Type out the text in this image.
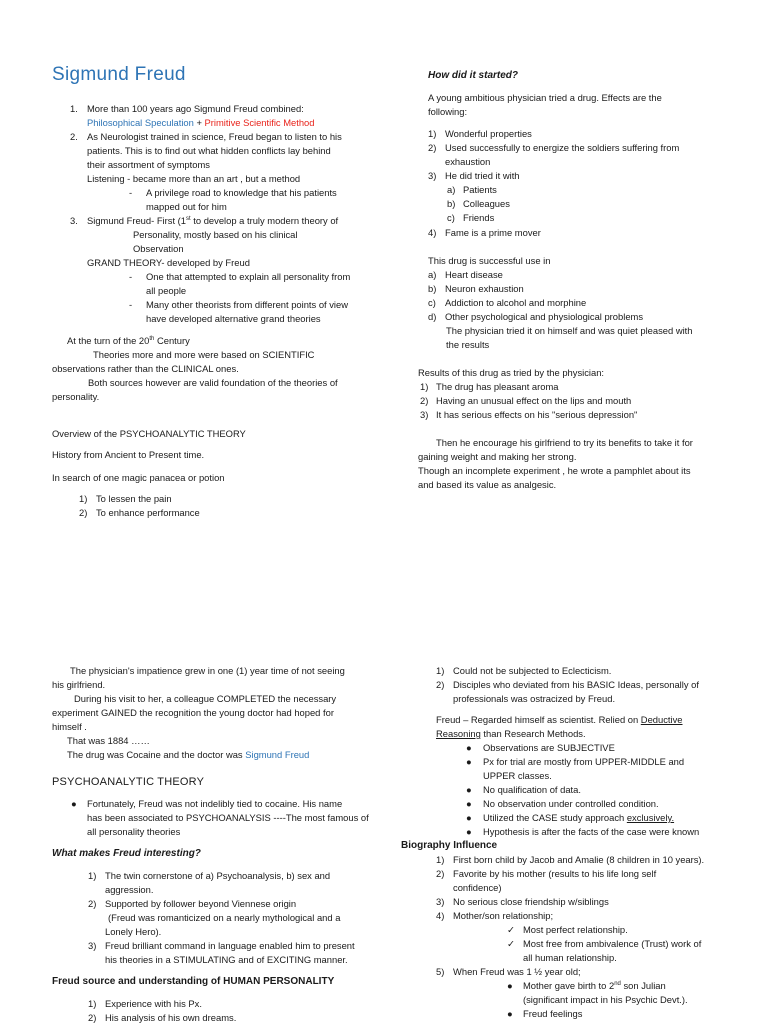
Sigmund Freud
1. More than 100 years ago Sigmund Freud combined:
Philosophical Speculation + Primitive Scientific Method
2. As Neurologist trained in science, Freud began to listen to his
patients. This is to find out what hidden conflicts lay behind
their assortment of symptoms
Listening - became more than an art , but a method
- A privilege road to knowledge that his patients
mapped out for him
3. Sigmund Freud- First (1st to develop a truly modern theory of
Personality, mostly based on his clinical
Observation
GRAND THEORY- developed by Freud
- One that attempted to explain all personality from
all people
- Many other theorists from different points of view
have developed alternative grand theories
At the turn of the 20th Century
Theories more and more were based on SCIENTIFIC
observations rather than the CLINICAL ones.
Both sources however are valid foundation of the theories of
personality.
Overview of the PSYCHOANALYTIC THEORY
History from Ancient to Present time.
In search of one magic panacea or potion
1) To lessen the pain
2) To enhance performance
How did it started?
A young ambitious physician tried a drug. Effects are the
following:
1) Wonderful properties
2) Used successfully to energize the soldiers suffering from
exhaustion
3) He did tried it with
a) Patients
b) Colleagues
c) Friends
4) Fame is a prime mover
This drug is successful use in
a) Heart disease
b) Neuron exhaustion
c) Addiction to alcohol and morphine
d) Other psychological and physiological problems
The physician tried it on himself and was quiet pleased with
the results
Results of this drug as tried by the physician:
1) The drug has pleasant aroma
2) Having an unusual effect on the lips and mouth
3) It has serious effects on his "serious depression"
Then he encourage his girlfriend to try its benefits to take it for
gaining weight and making her strong.
Though an incomplete experiment , he wrote a pamphlet about its
and based its value as analgesic.
The physician's impatience grew in one (1) year time of not seeing
his girlfriend.
During his visit to her, a colleague COMPLETED the necessary
experiment GAINED the recognition the young doctor had hoped for
himself .
That was 1884 ……
The drug was Cocaine and the doctor was Sigmund Freud
PSYCHOANALYTIC THEORY
● Fortunately, Freud was not indelibly tied to cocaine. His name
has been associated to PSYCHOANALYSIS ----The most famous of
all personality theories
What makes Freud interesting?
1) The twin cornerstone of a) Psychoanalysis, b) sex and
aggression.
2) Supported by follower beyond Viennese origin
(Freud was romanticized on a nearly mythological and a
Lonely Hero).
3) Freud brilliant command in language enabled him to present
his theories in a STIMULATING and of EXCITING manner.
Freud source and understanding of HUMAN PERSONALITY
1) Experience with his Px.
2) His analysis of his own dreams.
1) Could not be subjected to Eclecticism.
2) Disciples who deviated from his BASIC Ideas, personally of
professionals was ostracized by Freud.
Freud – Regarded himself as scientist. Relied on Deductive
Reasoning than Research Methods.
● Observations are SUBJECTIVE
● Px for trial are mostly from UPPER-MIDDLE and
UPPER classes.
● No qualification of data.
● No observation under controlled condition.
● Utilized the CASE study approach exclusively.
● Hypothesis is after the facts of the case were known
Biography Influence
1) First born child by Jacob and Amalie (8 children in 10 years).
2) Favorite by his mother (results to his life long self
confidence)
3) No serious close friendship w/siblings
4) Mother/son relationship;
✓ Most perfect relationship.
✓ Most free from ambivalence (Trust) work of
all human relationship.
5) When Freud was 1 ½ year old;
● Mother gave birth to 2nd son Julian
(significant impact in his Psychic Devt.).
● Freud feelings
